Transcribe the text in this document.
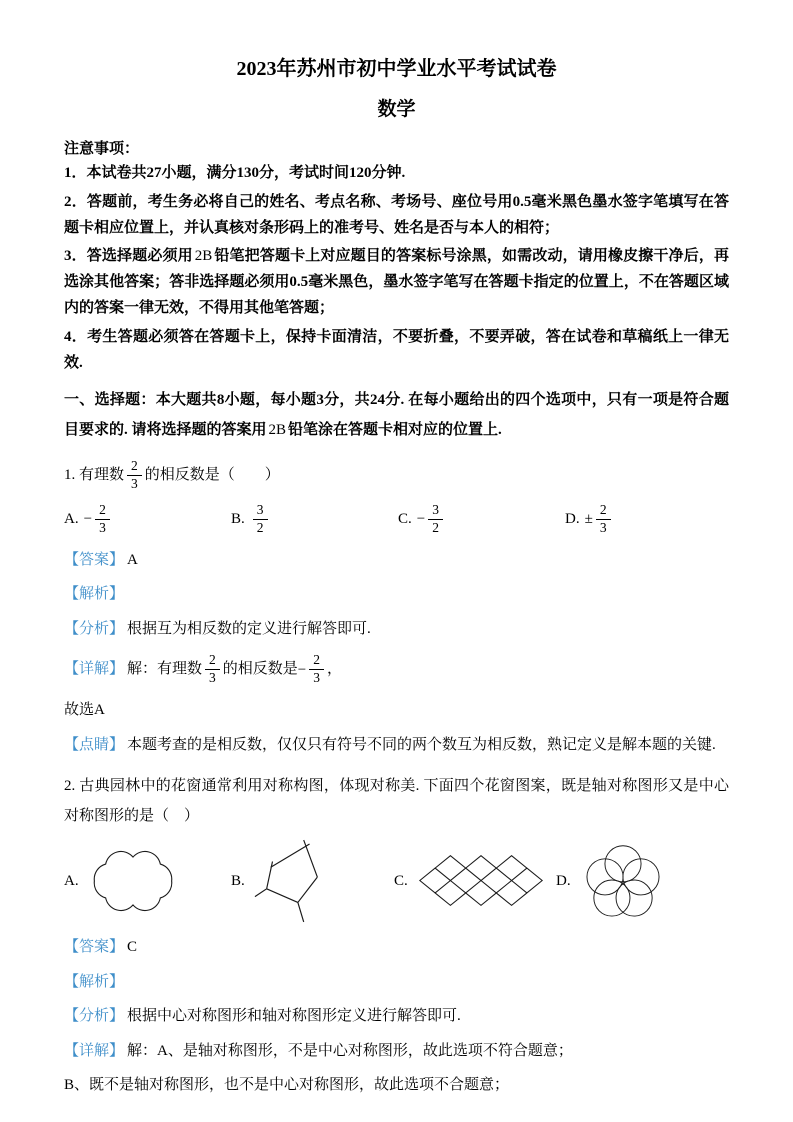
2023年苏州市初中学业水平考试试卷
数学

注意事项：

1．本试卷共27小题，满分130分，考试时间120分钟.

2．答题前，考生务必将自己的姓名、考点名称、考场号、座位号用0.5毫米黑色墨水签字笔填写在答题卡相应位置上，并认真核对条形码上的准考号、姓名是否与本人的相符；

3．答选择题必须用 2B 铅笔把答题卡上对应题目的答案标号涂黑，如需改动，请用橡皮擦干净后，再选涂其他答案；答非选择题必须用0.5毫米黑色，墨水签字笔写在答题卡指定的位置上，不在答题区域内的答案一律无效，不得用其他笔答题；

4．考生答题必须答在答题卡上，保持卡面清洁，不要折叠，不要弄破，答在试卷和草稿纸上一律无效.

一、选择题：本大题共8小题，每小题3分，共24分. 在每小题给出的四个选项中，只有一项是符合题目要求的. 请将选择题的答案用 2B 铅笔涂在答题卡相对应的位置上.

1. 有理数 $\frac{2}{3}$ 的相反数是（　　）

A. − $\frac{2}{3}$	B. $\frac{3}{2}$	C. − $\frac{3}{2}$	D. ± $\frac{2}{3}$

【答案】 A

【解析】

【分析】 根据互为相反数的定义进行解答即可.

【详解】 解：有理数 $\frac{2}{3}$ 的相反数是 − $\frac{2}{3}$ ，

故选A

【点睛】 本题考查的是相反数，仅仅只有符号不同的两个数互为相反数，熟记定义是解本题的关键.

2. 古典园林中的花窗通常利用对称构图，体现对称美. 下面四个花窗图案，既是轴对称图形又是中心对称图形的是（　）

A.	B.	C.	D.

【答案】 C

【解析】

【分析】 根据中心对称图形和轴对称图形定义进行解答即可.

【详解】 解：A、是轴对称图形，不是中心对称图形，故此选项不符合题意；

B、既不是轴对称图形，也不是中心对称图形，故此选项不合题意；
